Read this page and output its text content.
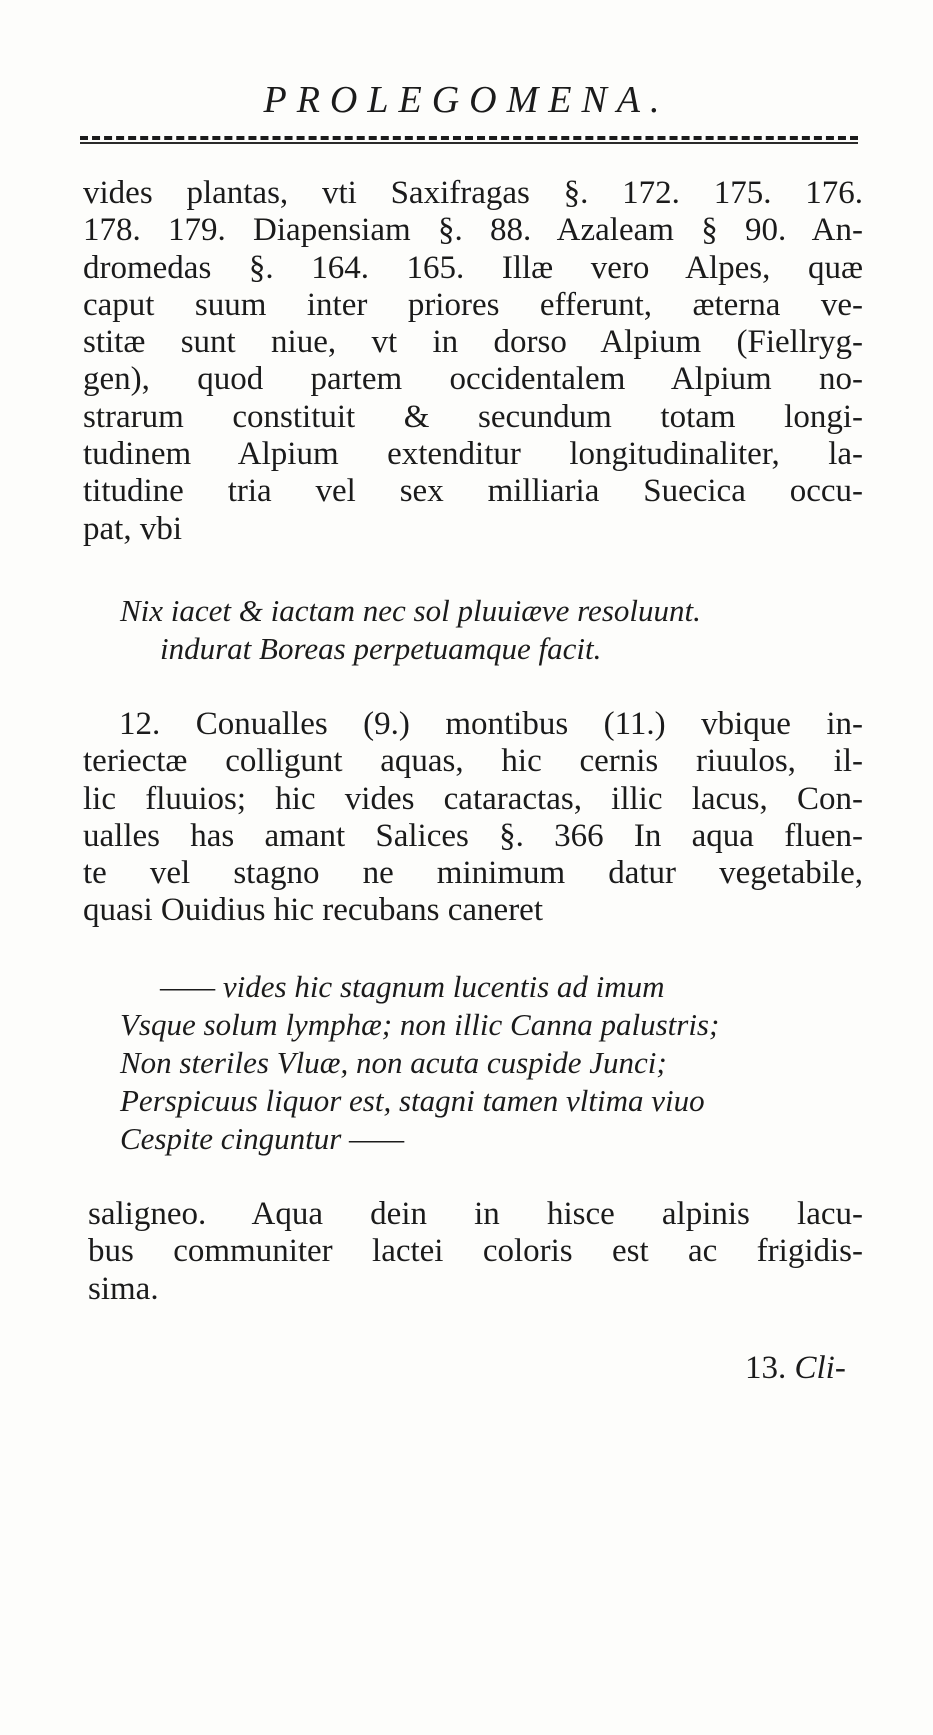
PROLEGOMENA.
vides plantas, vti Saxifragas §. 172. 175. 176.
178. 179. Diapensiam §. 88. Azaleam § 90. An-
dromedas §. 164. 165. Illæ vero Alpes, quæ
caput suum inter priores efferunt, æterna ve-
stitæ sunt niue, vt in dorso Alpium (Fiellryg-
gen), quod partem occidentalem Alpium no-
strarum constituit & secundum totam longi-
tudinem Alpium extenditur longitudinaliter, la-
titudine tria vel sex milliaria Suecica occu-
pat, vbi
Nix iacet & iactam nec sol pluuiæve resoluunt.
indurat Boreas perpetuamque facit.
12. Conualles (9.) montibus (11.) vbique in-
teriectæ colligunt aquas, hic cernis riuulos, il-
lic fluuios; hic vides cataractas, illic lacus, Con-
ualles has amant Salices §. 366 In aqua fluen-
te vel stagno ne minimum datur vegetabile,
quasi Ouidius hic recubans caneret
—— vides hic stagnum lucentis ad imum
Vsque solum lymphæ; non illic Canna palustris;
Non steriles Vluæ, non acuta cuspide Junci;
Perspicuus liquor est, stagni tamen vltima viuo
Cespite cinguntur ——
saligneo. Aqua dein in hisce alpinis lacu-
bus communiter lactei coloris est ac frigidis-
sima.
13. Cli-
